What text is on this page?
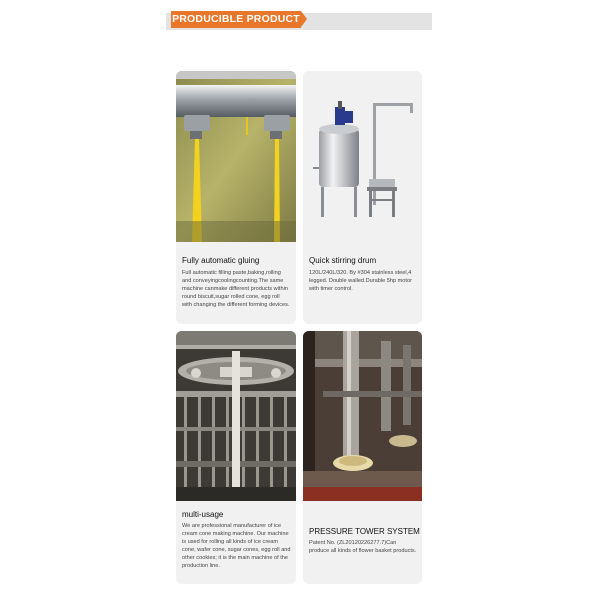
PRODUCIBLE PRODUCT
Fully automatic gluing
Full automatic filling paste,baking,rolling and conveyingcoolingcounting.The same machine canmake different products within round biscuit,sugar rolled cone, egg roll with changing the different forming devices.
Quick stirring drum
120L/240L/320. By #304 stainless steel,4 legged. Double walled.Durable 5hp motor with timer control.
multi-usage
We are professional manufacturer of ice cream cone making machine. Our machine is used for rolling all kinds of ice cream cone, wafer cone, sugar cones, egg roll and other cookies; it is the main machine of the production line.
PRESSURE TOWER SYSTEM
Patent No. (ZL201202262​77.7)Can produce all kinds of flower basket products.
